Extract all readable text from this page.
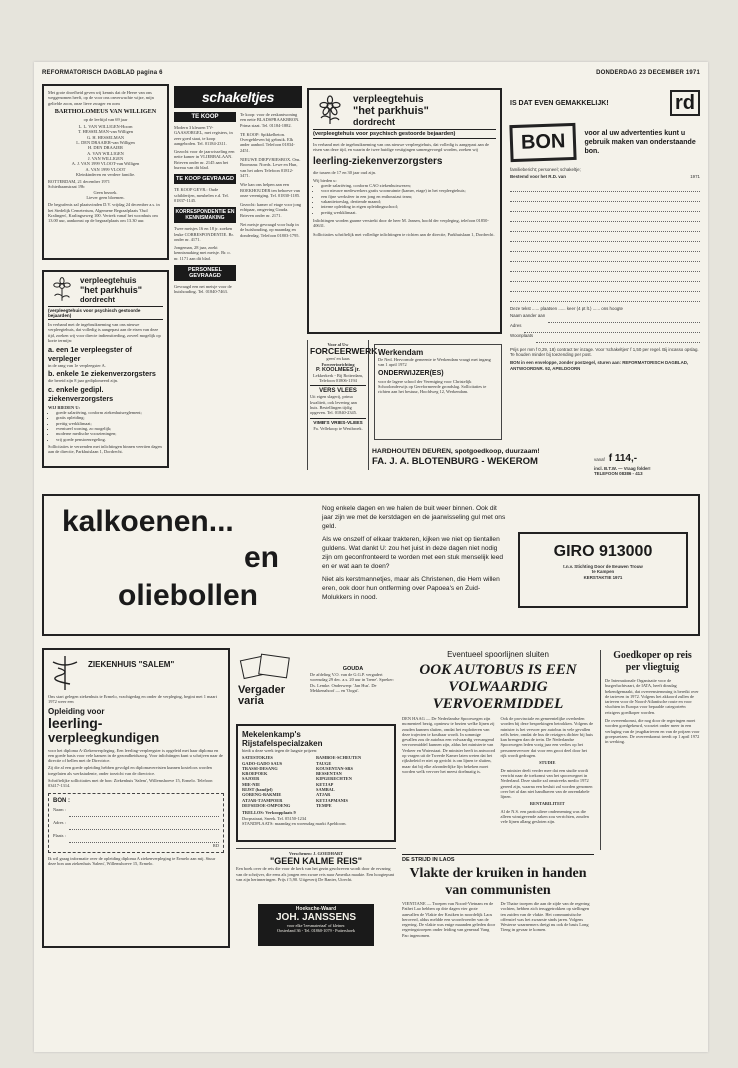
REFORMATORISCH DAGBLAD pagina 6	DONDERDAG 23 DECEMBER 1971
Met grote droefheid geven wij kennis dat de Heere van ons weggenomen heeft, op de voor ons onverwachte wijze, mijn geliefde zoon, onze lieve zwager en oom
BARTHOLOMEUS VAN WILLIGEN
op de leeftijd van 69 jaar
L. L. VAN WILLIGEN-Hoorn
T. HESSELMAN-van Willigen
G. H. HESSELMAN
L. DEN DRAAIER-van Willigen
H. DEN DRAAIER
A. VAN WILLIGEN
J. VAN WILLIGEN
A. J. VAN 1999 VLOOT-van Willigen
A. VAN 1999 VLOOT
Kleinkinderen en verdere familie.
ROTTERDAM, 21 december 1971
Schietbaanstraat 19b
Geen bezoek.
Liever geen bloemen.
De begrafenis zal plaatsvinden D.V. vrijdag 24 december a.s. in het Stedelijk Cemeterium, Algemene Begraafplaats 'Oud Kralingen', Kralingseweg 100. Vertrek vanaf het woonhuis om 13.00 uur, aankomst op de begraafplaats om 13.30 uur.
schakeltjes
TE KOOP
Modern 3 kleuren TV-GAASJORGEL, met registers, in zeer goed staat, te koop aangeboden. Tel. 01184-2311.
Gezocht voor de jaarwisseling een nette kamer in VLIERBALAAN. Brieven onder nr. 2145 aan het bureau van dit blad.
TE KOOP GEVRAAGD
TE KOOP GEVR.: Oude schilderijen, meubelen e.d. Tel. 01837-1145.
KORRESPONDENTIE EN KENNISMAKING
Twee meisjes 16 en 18 jr. zoeken leuke CORRESPONDENTIE. Br. onder nr. 4171.
Jongeman, 28 jaar, zoekt kennismaking met meisje. Br. o. nr. 1171 aan dit blad.
PERSONEEL GEVRAAGD
Gevraagd een net meisje voor de huishouding. Tel. 01840-7463.
Te koop: voor de zeskantwoning een nette BLADSPRAAKBRON. Prima staat. Tel. 01184-1882.
TE KOOP: Spikkelbeton. Overgebleven bij gebruik. Elk ander aanbod. Telefoon 01834-2451.
NIEUWE DIEPVRIESBOX. Ons. Boomsmr. Noeds. Lewe en Hun, van het adres Telefoon 01812-3471.
Wie kan ons helpen aan een BOEKHOUDER ten behoeve van onze vereniging. Tel. 01830-1185.
Gezocht: kamer of etage voor jong echtpaar, omgeving Gouda. Brieven onder nr. 2171.
Net meisje gevraagd voor hulp in de huishouding, op maandag en donderdag. Telefoon 01803-1795.
verpleegtehuis
"het parkhuis"
dordrecht
(verpleegtehuis voor psychisch gestoorde bejaarden)
In verband met de ingebruikneming van ons nieuwe verpleegtehuis, dat volledig is aangepast aan de eisen van deze tijd, en waarin de twee huidige vestigingen samengevoegd worden, zoeken wij
leerling-ziekenverzorgsters
die tussen de 17 en 30 jaar oud zijn.
Wij bieden u:
• goede salariëring, conform CAO ziekenhuiswezen;
• voor nieuwe medewerkers gratis woonruimte (kamer, etage) in het verpleegtehuis;
• een fijne werksfeer in een jong en enthousiast team;
• vakantietoeslag, dertiende maand;
• interne opleiding in eigen opleidingsschool;
• prettig werkklimaat.
Inlichtingen worden gaarne verstrekt door de heer M. Jansen, hoofd der verpleging, telefoon 01850-40631.
Sollicitaties schriftelijk met volledige inlichtingen te richten aan de directie, Parkhuislaan 1, Dordrecht.
IS DAT EVEN GEMAKKELIJK!	rd
BON	voor al uw advertenties kunt u gebruik maken van onderstaande bon.
familiebericht; personeel; schakeltje;
Bestemd voor het R.D. van	1971
Deze tekst ...... plaatsen ...... keer (4 pt lt.) ...... ons hoogte
Naam aander aan
Adres
Woonplaats
Prijs per mm f 0,29, 18) contract ter inzage. Voor 'schakeltjes' f 1,50 per regel. Bij incasso opslag. Te houden minder bij toezending per post.
BON in een enveloppe, zonder postzegel, sturen aan: REFORMATORISCH DAGBLAD, ANTWOORDNR. 92, APELDOORN
verpleegtehuis
"het parkhuis"
dordrecht
(verpleegtehuis voor psychisch gestoorde bejaarden)
In verband met de ingebruikneming van ons nieuwe verpleegtehuis, dat volledig is aangepast aan de eisen van deze tijd, zoeken wij voor directe indiensttreding, zoveel mogelijk op korte termijn:
a. een 1e verpleegster of verpleger
in de rang van 1e verpleegster A.
b. enkele 1e ziekenverzorgsters
die bereid zijn 8 jaar gediplomeerd zijn.
c. enkele gedipl. ziekenverzorgsters
WIJ BIEDEN U:
• goede salariëring, conform ziekenhuisreglement;
• gratis opleiding;
• prettig werkklimaat;
• eventueel woning, zo mogelijk;
• moderne medische voorzieningen;
• vrij goede pensioenregeling.
Sollicitaties te verzenden met inlichtingen binnen veertien dagen aan de directie, Parkhuislaan 1, Dordrecht.
Voor al Uw
FORCEERWERK
geen' en kaas
Forceerinrichting
P. KOOLMEES jr.
Lekkerkerk - Bij Rotterdam, Telefoon 01806-1194
VERS VLEES
Uit eigen slagerij, prima kwaliteit, ook levering aan huis. Bestellingen tijdig opgeven. Tel. 01840-2345.
VIMB'S VRIES-VLEES
Fa. Vellekoop te Westbroek.
Werkendam
De Ned. Hervormde gemeente te Werkendam vraagt met ingang van 1 april 1972
ONDERWIJZER(ES)
voor de lagere school der Vereniging voor Christelijk Schoolonderwijs op Gereformeerde grondslag. Sollicitaties te richten aan het bestuur, Hoofdweg 12, Werkendam.
HARDHOUTEN DEUREN, spotgoedkoop, duurzaam!
FA. J. A. BLOTENBURG - WEKEROM	vanaf f 114,-
incl. B.T.W. — Vraag folder!
TELEFOON 08386 - 413
kalkoenen...
en
oliebollen

Nog enkele dagen en we halen de buit weer binnen. Ook dit jaar zijn we met de kerstdagen en de jaarwisseling gul met ons geld.

Als we onszelf of elkaar trakteren, kijken we niet op tientallen guldens. Wat dankt U: zou het juist in deze dagen niet nodig zijn om geconfronteerd te worden met een stuk menselijk leed en er wat aan te doen?

Niet als kerstmannetjes, maar als Christenen, die Hem willen eren, ook door hun ontferming over Papoea's en Zuid-Molukkers in nood.

GIRO 913000
t.n.v. Stichting Door de Eeuwen Trouw
te Kampen
KERSTAKTIE 1971
ZIEKENHUIS "SALEM"
Ons start gelegen ziekenhuis te Ermelo, vrachtgedag en onder de verpleging, begint met 1 maart 1972 weer een
Opleiding voor
leerling-
verpleegkundigen
voor het diploma A-Ziekenverpleging. Een leerling-verpleegster is opgeleid met haar diploma en een goede basis voor vele kansen in de gezondheidszorg. Voor inlichtingen kunt u schrijven naar de directie of bellen met de Directrice.
Zij die al een goede opleiding hebben gevolgd en diplomavereisten kunnen kosteloos worden toegelaten als werkstudente, onder toezicht van de directrice.
Schriftelijke sollicitaties met de bon: Ziekenhuis 'Salem', Willemshoeve 15, Ermelo. Telefoon 03417-1314.
BON :
Naam :
Adres :
Plaats :
RD
Ik wil graag informatie over de opleiding diploma A ziekenverpleging te Ermelo aan mij. Stuur deze bon aan ziekenhuis 'Salem', Willemshoeve 15, Ermelo.
Vergader
varia
GOUDA
De afdeling V.O. van de G.G.P. vergadert woensdag 29 dec. a.s. 20 uur in 'Irene'. Spreker: Ds. Lemke. Onderwerp: 'Jan Hus'. De Mekkenahoof — en 'Oogst'.
Mekelenkamp's
Rijstafelspecialzaken
biedt u deze week tegen de laagste prijzen:
SATESTOKJES
GADO-GADO SAUS
TRASSI-DESANG
KROEPOEK
SAJOER
MIE-NIE
RIJST (bandjel)
GORENG-BAKMIE
ATJAR-TJAMPOER
DEFSEDOE-OMPOENG
BAMBOE-SCHEUTEN
TAUGE
KOUSENTAN-SRS
BESSENTAN
KIPGERECHTEN
KETJAP
SAMBAL
ATJAR
KETJAPMANIS
TEMPE
TRELLOS: Verkoopplaats 9
Dorpsstraat, Sneek. Tel. 05150-1234
STANDPLAATS: maandag en woensdag markt Apeldoorn.
Verschenen: J. GOEDHART
"GEEN KALME REIS"
Een boek over de reis die voor de kerk van het gezin geschreven wordt door de ervaring van de schrijver, die eens als jongen een zware reis naar Amerika maakte. Een hoogtepunt van zijn herinneringen. Prijs f 5,90. Uitgeverij De Banier, Utrecht.
Hoeksche-Waard
JOH. JANSSENS
voor elke 'leesmateriaal' of kleiner.
Oosterland 36 - Tel. 01860-1079 - Puttershoek
Eventueel spoorlijnen sluiten
OOK AUTOBUS IS EEN VOLWAARDIG VERVOERMIDDEL
DEN HAAG — De Nederlandse Spoorwegen zijn momenteel bezig, opnieuw te bezien welke lijnen zij zouden kunnen sluiten, omdat het exploiteren van deze trajecten te kostbaar wordt. In sommige gevallen zou de autobus een volwaardig vervangend vervoermiddel kunnen zijn, aldus het ministerie van Verkeer en Waterstaat. De minister heeft in antwoord op vragen uit de Tweede Kamer laten weten dat het rijksbeleid er niet op gericht is om lijnen te sluiten, maar dat bij elke afzonderlijke lijn bekeken moet worden welk vervoer het meest doelmatig is.
Ook de provinciale en gemeentelijke overheden worden bij deze besprekingen betrokken. Volgens de minister is het vervoer per autobus in vele gevallen zelfs beter, omdat de bus de reizigers dichter bij huis kan brengen dan de trein. De Nederlandse Spoorwegen leden vorig jaar een verlies op het personenvervoer dat voor een groot deel door het rijk wordt gedragen.
STUDIE
De minister deelt verder mee dat een studie wordt verricht naar de toekomst van het spoorwegnet in Nederland. Deze studie zal omstreeks medio 1972 gereed zijn, waarna een besluit zal worden genomen over het al dan niet handhaven van de onrendabele lijnen.
RENTABILITEIT
Al de N.S. een particuliere onderneming was die alleen winstgevende zaken zou verrichten, zouden vele lijnen allang gesloten zijn.
DE STRIJD IN LAOS
Vlakte der kruiken in handen van communisten
VIENTIANE — Troepen van Noord-Vietnam en de Pathet Lao hebben op drie dagen vier grote aanvallen de Vlakte der Kruiken in noordelijk Laos heroverd, aldus meldde een woordvoerder van de regering. De vlakte was enige maanden geleden door regeringstroepen onder leiding van generaal Vang Pao ingenomen.
De Thaise troepen die aan de zijde van de regering vochten, hebben zich teruggetrokken op stellingen ten zuiden van de vlakte. Het communistische offensief was het zwaarste sinds jaren. Volgens Westerse waarnemers dreigt nu ook de basis Long Tieng in gevaar te komen.
Goedkoper op reis per vliegtuig
De Internationale Organisatie voor de burgerluchtvaart, de IATA, heeft dinsdag bekendgemaakt, dat overeenstemming is bereikt over de tarieven in 1972. Volgens het akkoord zullen de tarieven voor de Noord-Atlantische route en voor vluchten in Europa voor bepaalde categorieën reizigers goedkoper worden.
De overeenkomst, die nog door de regeringen moet worden goedgekeurd, voorziet onder meer in een verlaging van de jeugdtarieven en van de prijzen voor groepsreizen. De overeenkomst treedt op 1 april 1972 in werking.
